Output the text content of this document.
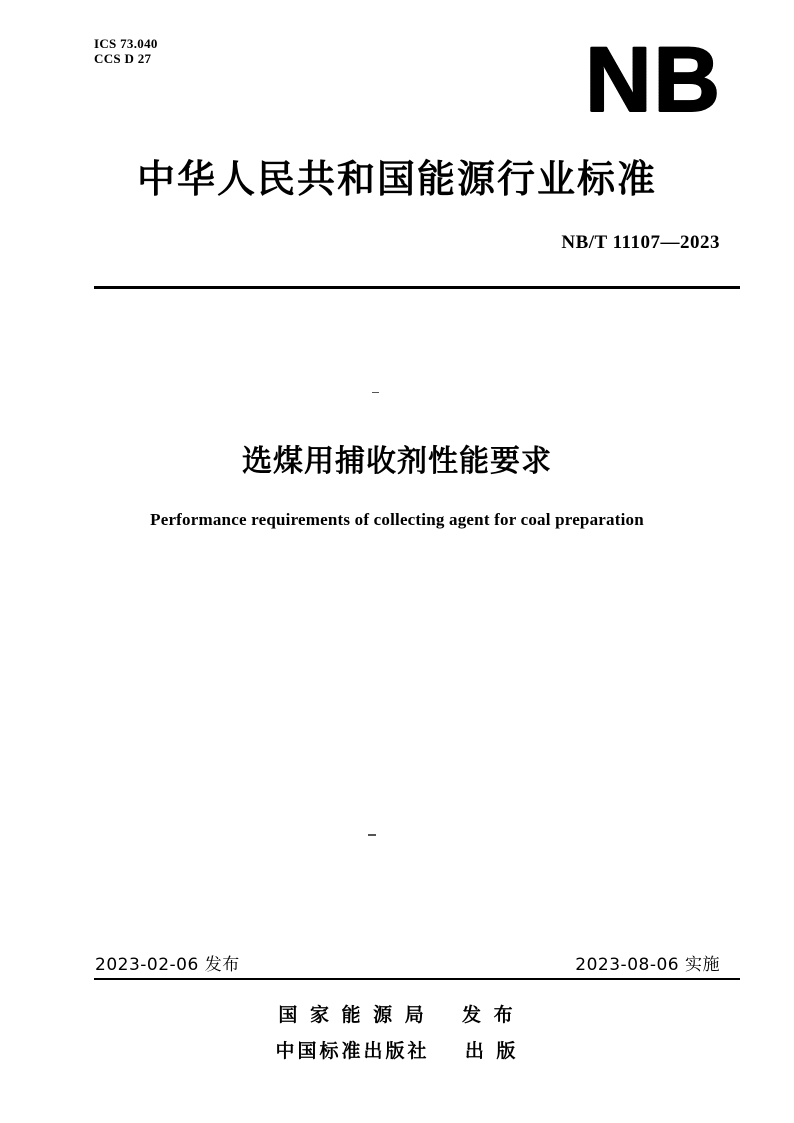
ICS 73.040
CCS D 27	NB
中华人民共和国能源行业标准
NB/T 11107—2023
选煤用捕收剂性能要求
Performance requirements of collecting agent for coal preparation
2023-02-06 发布	2023-08-06 实施
国 家 能 源 局 发 布
中国标准出版社 出 版
